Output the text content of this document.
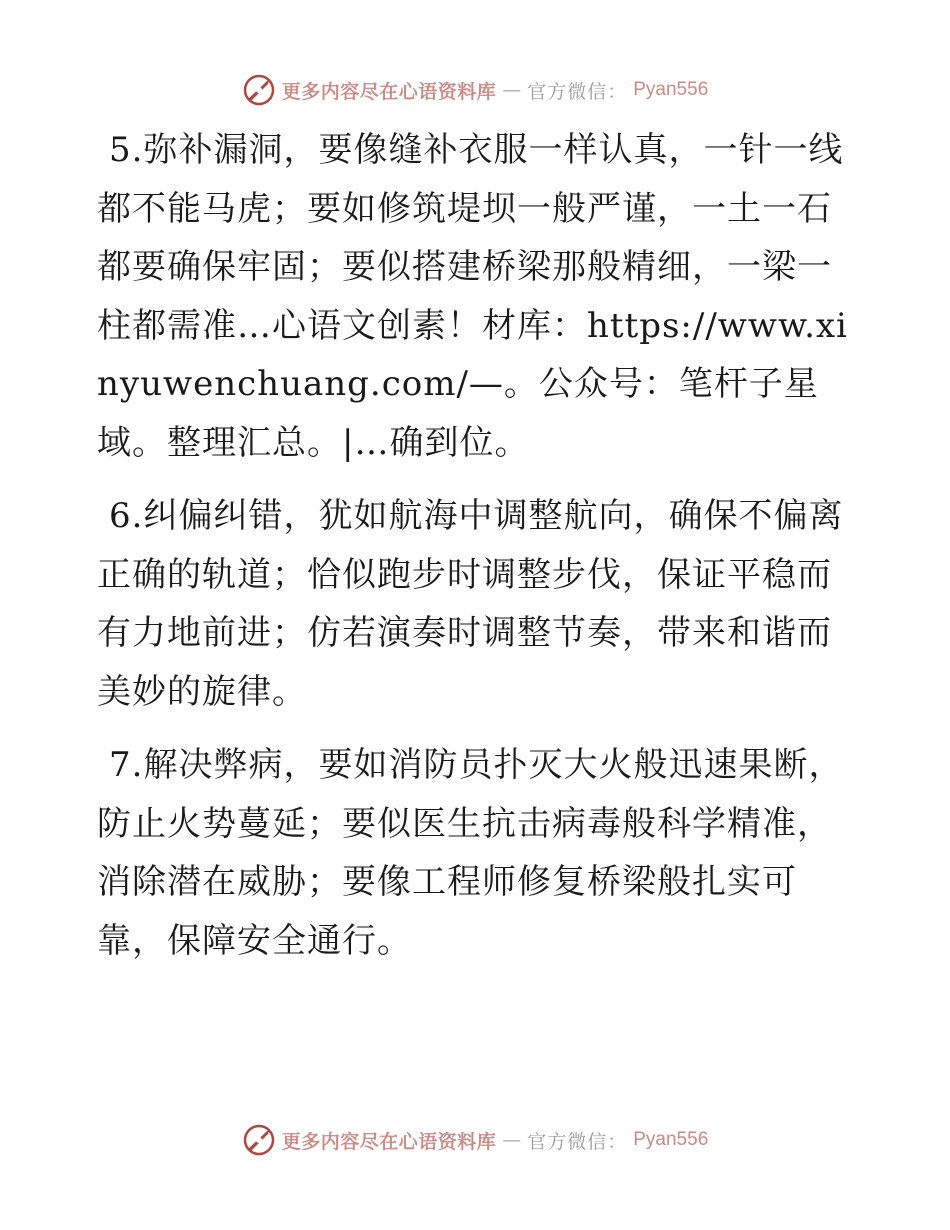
更多内容尽在心语资料库 — 官方微信： Pyan556

5.弥补漏洞，要像缝补衣服一样认真，一针一线都不能马虎；要如修筑堤坝一般严谨，一土一石都要确保牢固；要似搭建桥梁那般精细，一梁一柱都需准…心语文创素！材库：https://www.xinyuwenchuang.com/—。公众号：笔杆子星域。整理汇总。|…确到位。

6.纠偏纠错，犹如航海中调整航向，确保不偏离正确的轨道；恰似跑步时调整步伐，保证平稳而有力地前进；仿若演奏时调整节奏，带来和谐而美妙的旋律。

7.解决弊病，要如消防员扑灭大火般迅速果断，防止火势蔓延；要似医生抗击病毒般科学精准，消除潜在威胁；要像工程师修复桥梁般扎实可靠，保障安全通行。

更多内容尽在心语资料库 — 官方微信： Pyan556
